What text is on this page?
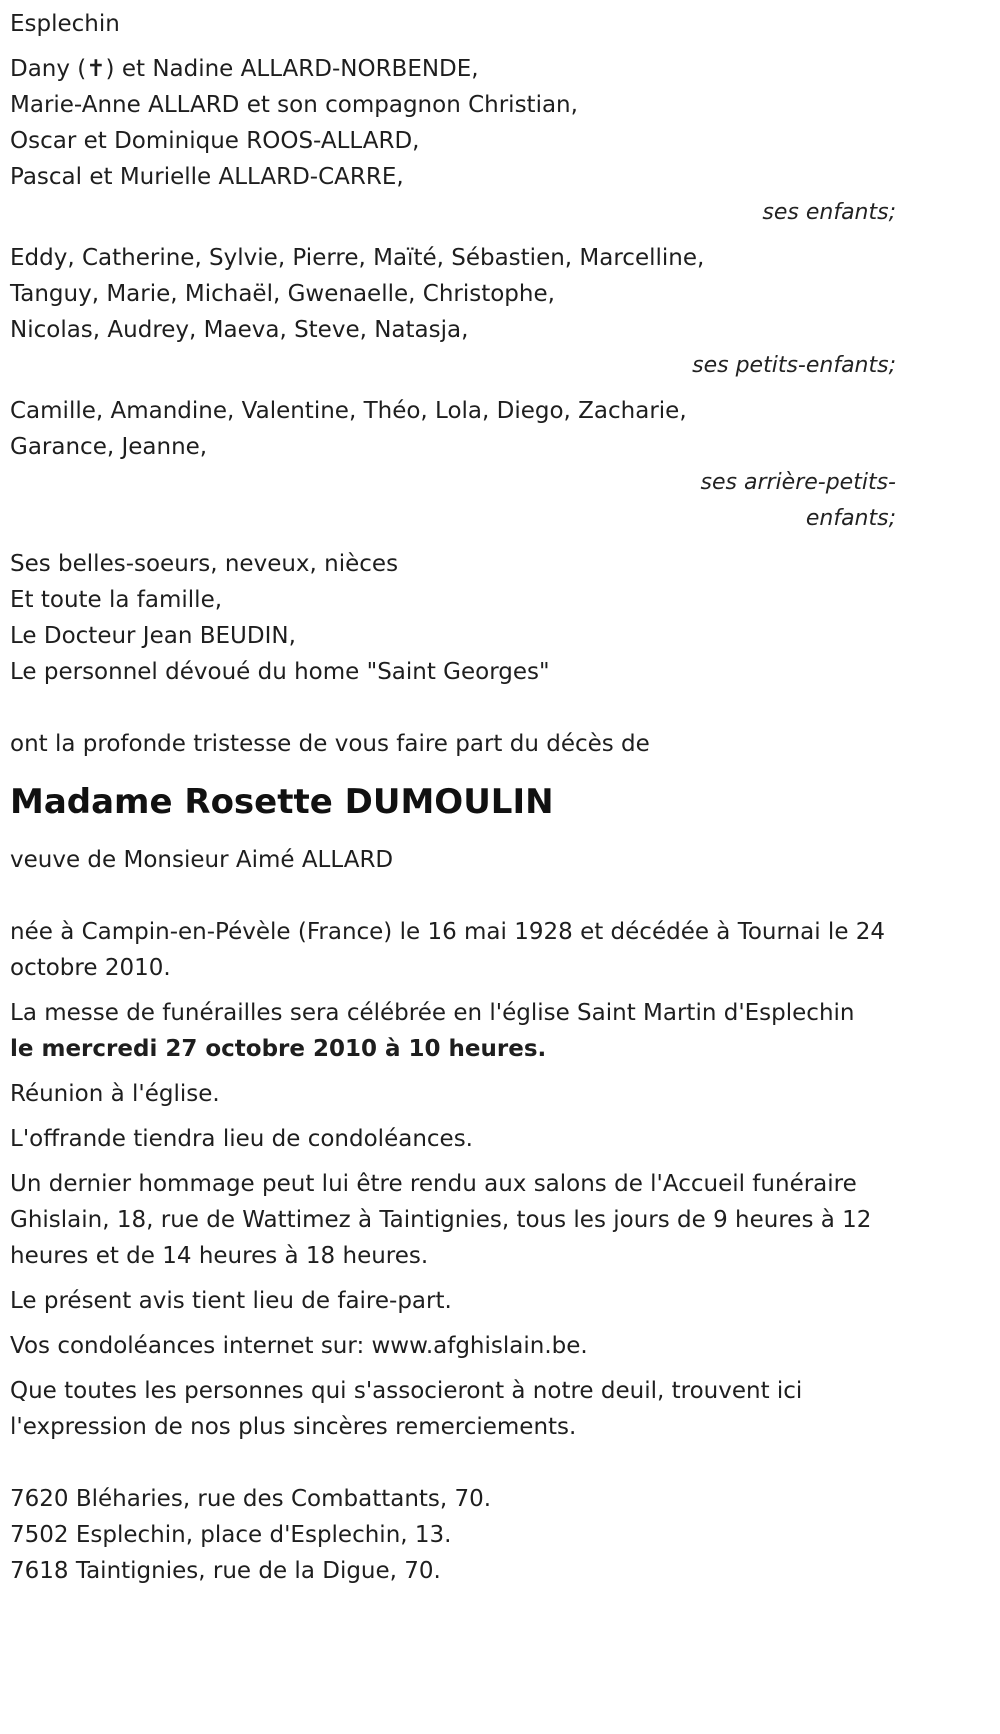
Esplechin

Dany (✝) et Nadine ALLARD-NORBENDE,

Marie-Anne ALLARD et son compagnon Christian,

Oscar et Dominique ROOS-ALLARD,

Pascal et Murielle ALLARD-CARRE,

ses enfants;

Eddy, Catherine, Sylvie, Pierre, Maïté, Sébastien, Marcelline,

Tanguy, Marie, Michaël, Gwenaelle, Christophe,

Nicolas, Audrey, Maeva, Steve, Natasja,

ses petits-enfants;

Camille, Amandine, Valentine, Théo, Lola, Diego, Zacharie,

Garance, Jeanne,

ses arrière-petits-

enfants;

Ses belles-soeurs, neveux, nièces

Et toute la famille,

Le Docteur Jean BEUDIN,

Le personnel dévoué du home "Saint Georges"

ont la profonde tristesse de vous faire part du décès de

Madame Rosette DUMOULIN

veuve de Monsieur Aimé ALLARD

née à Campin-en-Pévèle (France) le 16 mai 1928 et décédée à Tournai le 24 octobre 2010.

La messe de funérailles sera célébrée en l'église Saint Martin d'Esplechin
le mercredi 27 octobre 2010 à 10 heures.

Réunion à l'église.

L'offrande tiendra lieu de condoléances.

Un dernier hommage peut lui être rendu aux salons de l'Accueil funéraire Ghislain, 18, rue de Wattimez à Taintignies, tous les jours de 9 heures à 12 heures et de 14 heures à 18 heures.

Le présent avis tient lieu de faire-part.

Vos condoléances internet sur: www.afghislain.be.

Que toutes les personnes qui s'associeront à notre deuil, trouvent ici l'expression de nos plus sincères remerciements.

7620 Bléharies, rue des Combattants, 70.

7502 Esplechin, place d'Esplechin, 13.

7618 Taintignies, rue de la Digue, 70.
